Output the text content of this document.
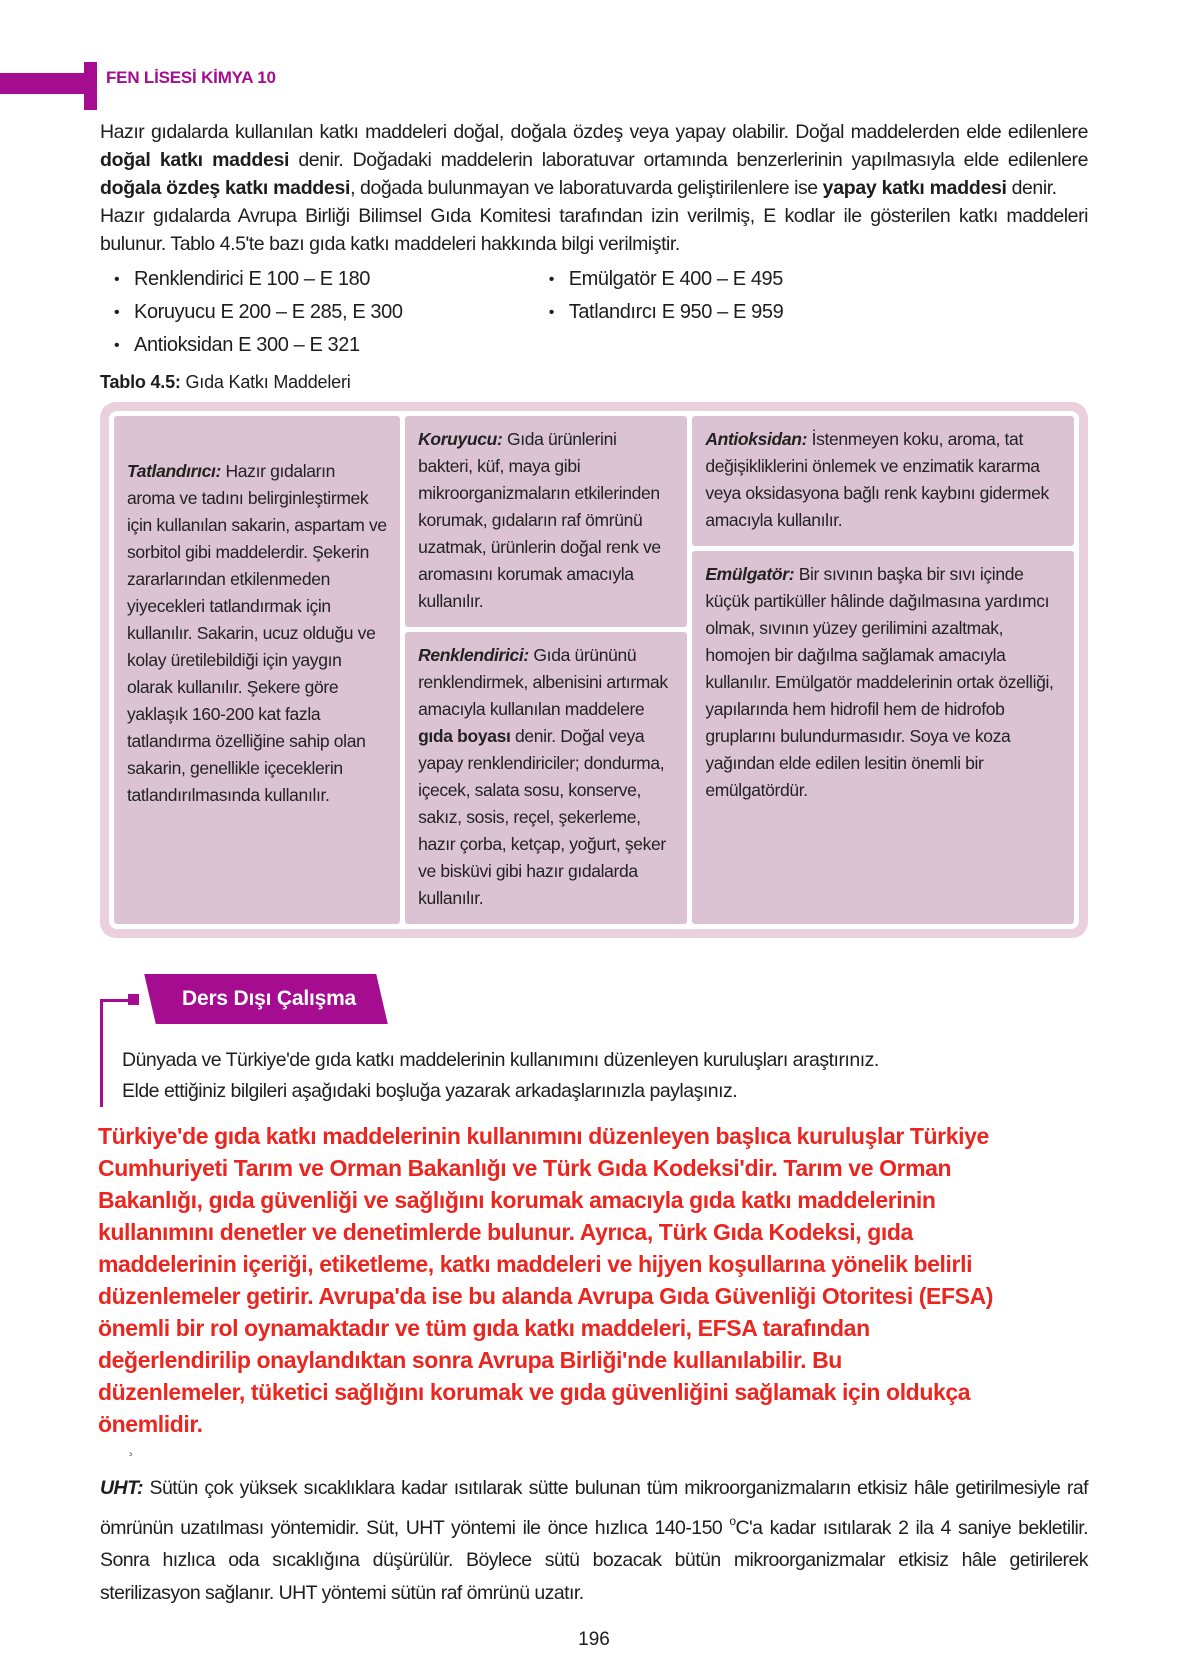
FEN LİSESİ KİMYA 10

Hazır gıdalarda kullanılan katkı maddeleri doğal, doğala özdeş veya yapay olabilir. Doğal maddelerden elde edilenlere doğal katkı maddesi denir. Doğadaki maddelerin laboratuvar ortamında benzerlerinin yapılmasıyla elde edilenlere doğala özdeş katkı maddesi, doğada bulunmayan ve laboratuvarda geliştirilenlere ise yapay katkı maddesi denir.

Hazır gıdalarda Avrupa Birliği Bilimsel Gıda Komitesi tarafından izin verilmiş, E kodlar ile gösterilen katkı maddeleri bulunur. Tablo 4.5'te bazı gıda katkı maddeleri hakkında bilgi verilmiştir.

• Renklendirici E 100 – E 180
• Koruyucu E 200 – E 285, E 300
• Antioksidan E 300 – E 321
• Emülgatör E 400 – E 495
• Tatlandırcı E 950 – E 959
Tablo 4.5: Gıda Katkı Maddeleri
Tatlandırıcı: Hazır gıdaların aroma ve tadını belirginleştirmek için kullanılan sakarin, aspartam ve sorbitol gibi maddelerdir. Şekerin zararlarından etkilenmeden yiyecekleri tatlandırmak için kullanılır. Sakarin, ucuz olduğu ve kolay üretilebildiği için yaygın olarak kullanılır. Şekere göre yaklaşık 160-200 kat fazla tatlandırma özelliğine sahip olan sakarin, genellikle içeceklerin tatlandırılmasında kullanılır.
Koruyucu: Gıda ürünlerini bakteri, küf, maya gibi mikroorganizmaların etkilerinden korumak, gıdaların raf ömrünü uzatmak, ürünlerin doğal renk ve aromasını korumak amacıyla kullanılır.
Renklendirici: Gıda ürününü renklendirmek, albenisini artırmak amacıyla kullanılan maddelere gıda boyası denir. Doğal veya yapay renklendiriciler; dondurma, içecek, salata sosu, konserve, sakız, sosis, reçel, şekerleme, hazır çorba, ketçap, yoğurt, şeker ve bisküvi gibi hazır gıdalarda kullanılır.
Antioksidan: İstenmeyen koku, aroma, tat değişikliklerini önlemek ve enzimatik kararma veya oksidasyona bağlı renk kaybını gidermek amacıyla kullanılır.
Emülgatör: Bir sıvının başka bir sıvı içinde küçük partiküller hâlinde dağılmasına yardımcı olmak, sıvının yüzey gerilimini azaltmak, homojen bir dağılma sağlamak amacıyla kullanılır. Emülgatör maddelerinin ortak özelliği, yapılarında hem hidrofil hem de hidrofob gruplarını bulundurmasıdır. Soya ve koza yağından elde edilen lesitin önemli bir emülgatördür.
Ders Dışı Çalışma
Dünyada ve Türkiye'de gıda katkı maddelerinin kullanımını düzenleyen kuruluşları araştırınız.
Elde ettiğiniz bilgileri aşağıdaki boşluğa yazarak arkadaşlarınızla paylaşınız.
Türkiye'de gıda katkı maddelerinin kullanımını düzenleyen başlıca kuruluşlar Türkiye
Cumhuriyeti Tarım ve Orman Bakanlığı ve Türk Gıda Kodeksi'dir. Tarım ve Orman
Bakanlığı, gıda güvenliği ve sağlığını korumak amacıyla gıda katkı maddelerinin
kullanımını denetler ve denetimlerde bulunur. Ayrıca, Türk Gıda Kodeksi, gıda
maddelerinin içeriği, etiketleme, katkı maddeleri ve hijyen koşullarına yönelik belirli
düzenlemeler getirir. Avrupa'da ise bu alanda Avrupa Gıda Güvenliği Otoritesi (EFSA)
önemli bir rol oynamaktadır ve tüm gıda katkı maddeleri, EFSA tarafından
değerlendirilip onaylandıktan sonra Avrupa Birliği'nde kullanılabilir. Bu
düzenlemeler, tüketici sağlığını korumak ve gıda güvenliğini sağlamak için oldukça
önemlidir.
¸

UHT: Sütün çok yüksek sıcaklıklara kadar ısıtılarak sütte bulunan tüm mikroorganizmaların etkisiz hâle getirilmesiyle raf ömrünün uzatılması yöntemidir. Süt, UHT yöntemi ile önce hızlıca 140-150 $^o$C'a kadar ısıtılarak 2 ila 4 saniye bekletilir. Sonra hızlıca oda sıcaklığına düşürülür. Böylece sütü bozacak bütün mikroorganizmalar etkisiz hâle getirilerek sterilizasyon sağlanır. UHT yöntemi sütün raf ömrünü uzatır.

196
